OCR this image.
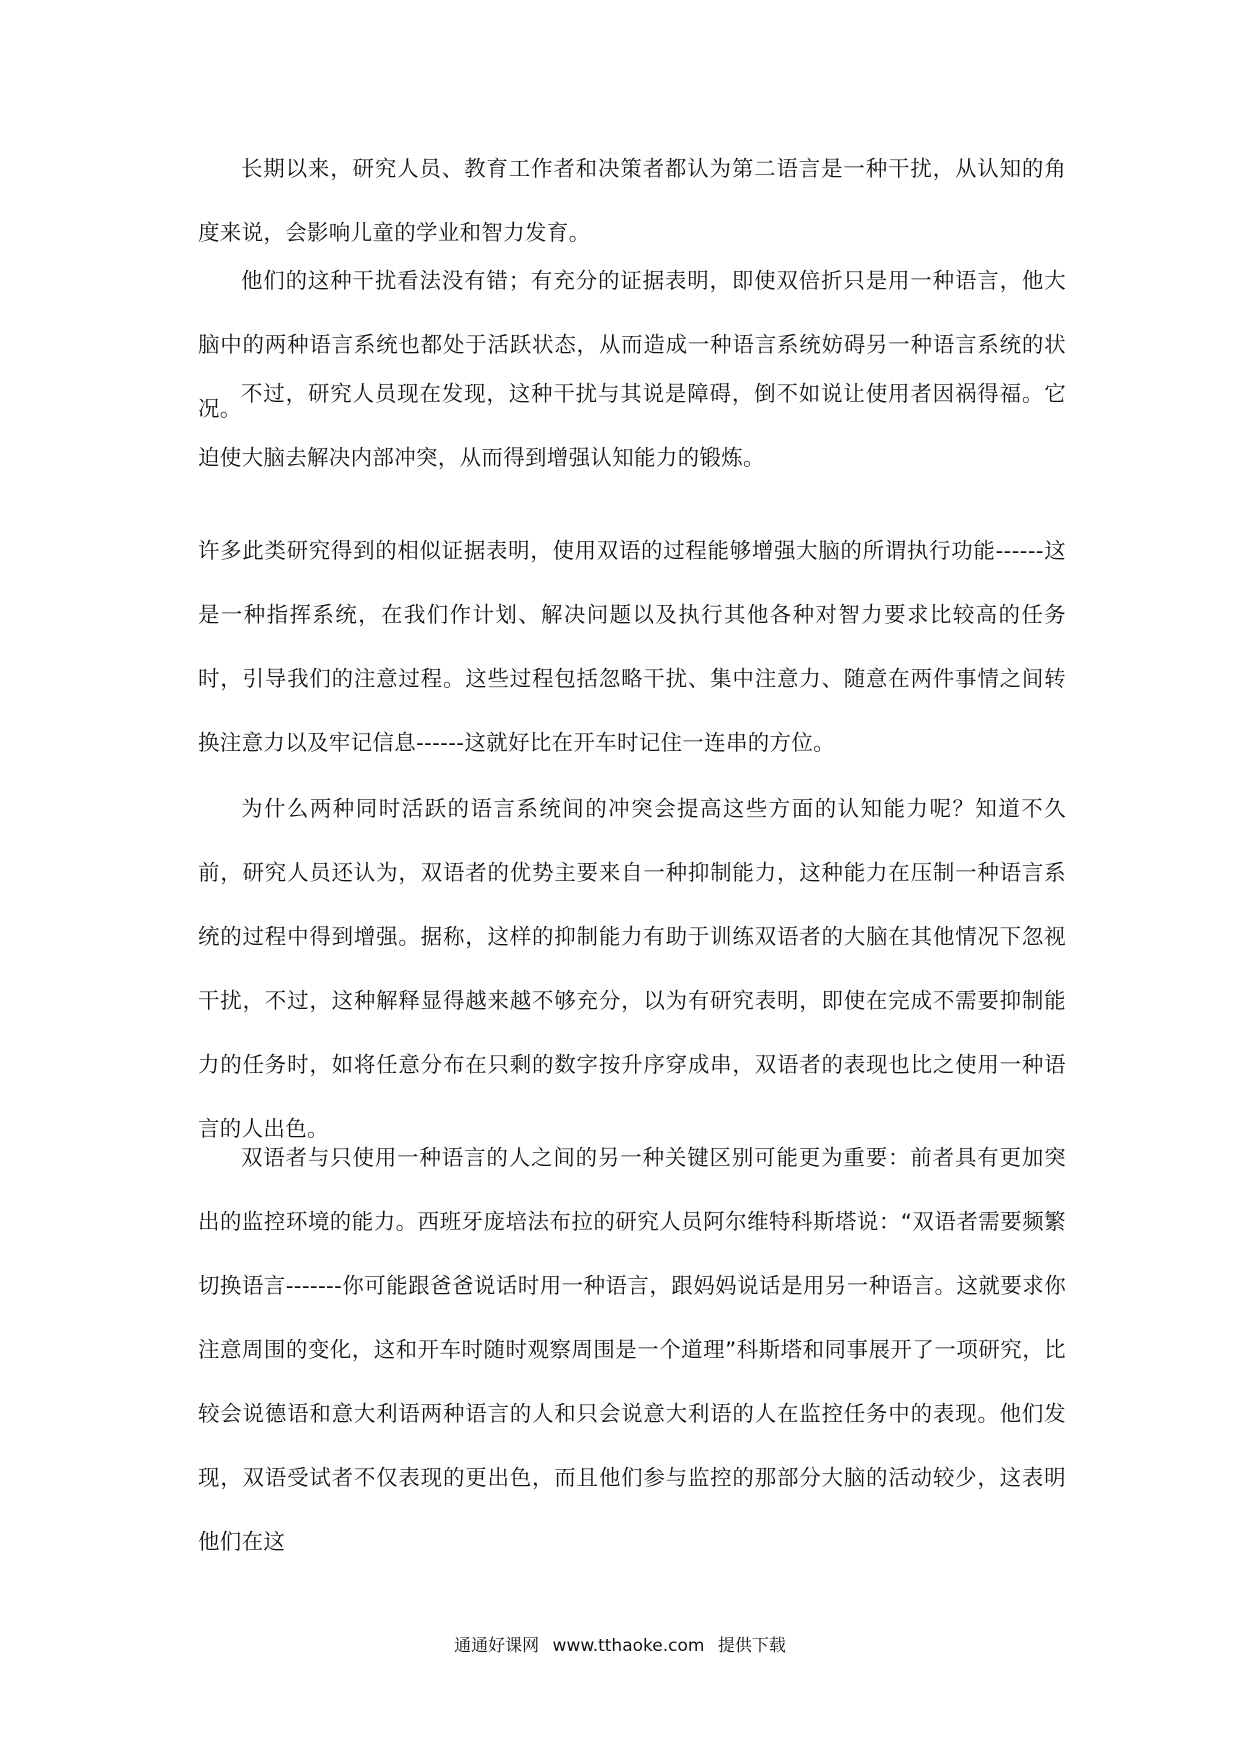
长期以来，研究人员、教育工作者和决策者都认为第二语言是一种干扰，从认知的角度来说，会影响儿童的学业和智力发育。

他们的这种干扰看法没有错；有充分的证据表明，即使双倍折只是用一种语言，他大脑中的两种语言系统也都处于活跃状态，从而造成一种语言系统妨碍另一种语言系统的状况。

不过，研究人员现在发现，这种干扰与其说是障碍，倒不如说让使用者因祸得福。它迫使大脑去解决内部冲突，从而得到增强认知能力的锻炼。

许多此类研究得到的相似证据表明，使用双语的过程能够增强大脑的所谓执行功能------这是一种指挥系统，在我们作计划、解决问题以及执行其他各种对智力要求比较高的任务时，引导我们的注意过程。这些过程包括忽略干扰、集中注意力、随意在两件事情之间转换注意力以及牢记信息------这就好比在开车时记住一连串的方位。

为什么两种同时活跃的语言系统间的冲突会提高这些方面的认知能力呢？知道不久前，研究人员还认为，双语者的优势主要来自一种抑制能力，这种能力在压制一种语言系统的过程中得到增强。据称，这样的抑制能力有助于训练双语者的大脑在其他情况下忽视干扰，不过，这种解释显得越来越不够充分，以为有研究表明，即使在完成不需要抑制能力的任务时，如将任意分布在只剩的数字按升序穿成串，双语者的表现也比之使用一种语言的人出色。

双语者与只使用一种语言的人之间的另一种关键区别可能更为重要：前者具有更加突出的监控环境的能力。西班牙庞培法布拉的研究人员阿尔维特科斯塔说：“双语者需要频繁切换语言-------你可能跟爸爸说话时用一种语言，跟妈妈说话是用另一种语言。这就要求你注意周围的变化，这和开车时随时观察周围是一个道理”科斯塔和同事展开了一项研究，比较会说德语和意大利语两种语言的人和只会说意大利语的人在监控任务中的表现。他们发现，双语受试者不仅表现的更出色，而且他们参与监控的那部分大脑的活动较少，这表明他们在这

通通好课网 www.tthaoke.com 提供下载
